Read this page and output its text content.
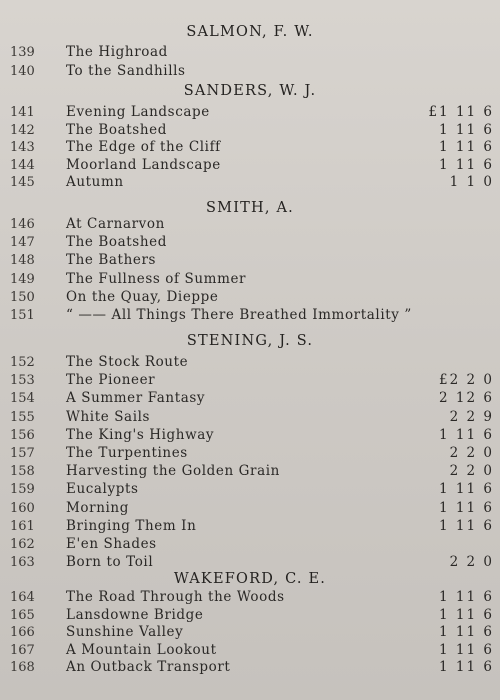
SALMON, F. W.
139	The Highroad
140	To the Sandhills
SANDERS, W. J.
141	Evening Landscape	£1 11 6
142	The Boatshed	1 11 6
143	The Edge of the Cliff	1 11 6
144	Moorland Landscape	1 11 6
145	Autumn	1 1 0
SMITH, A.
146	At Carnarvon
147	The Boatshed
148	The Bathers
149	The Fullness of Summer
150	On the Quay, Dieppe
151	“ —— All Things There Breathed Immortality ”
STENING, J. S.
152	The Stock Route
153	The Pioneer	£2 2 0
154	A Summer Fantasy	2 12 6
155	White Sails	2 2 9
156	The King's Highway	1 11 6
157	The Turpentines	2 2 0
158	Harvesting the Golden Grain	2 2 0
159	Eucalypts	1 11 6
160	Morning	1 11 6
161	Bringing Them In	1 11 6
162	E'en Shades
163	Born to Toil	2 2 0
WAKEFORD, C. E.
164	The Road Through the Woods	1 11 6
165	Lansdowne Bridge	1 11 6
166	Sunshine Valley	1 11 6
167	A Mountain Lookout	1 11 6
168	An Outback Transport	1 11 6
